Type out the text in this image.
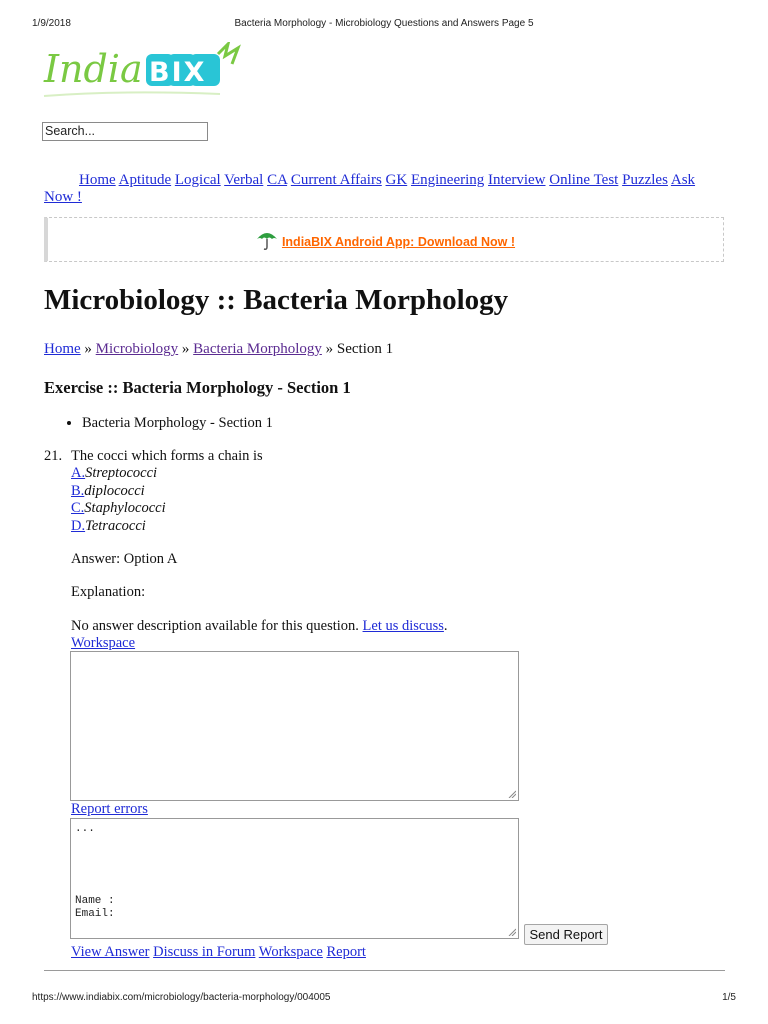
1/9/2018	Bacteria Morphology - Microbiology Questions and Answers Page 5
India BIX
Search...
Home Aptitude Logical Verbal CA Current Affairs GK Engineering Interview Online Test Puzzles Ask Now !
IndiaBIX Android App: Download Now !
Microbiology :: Bacteria Morphology
Home » Microbiology » Bacteria Morphology » Section 1
Exercise :: Bacteria Morphology - Section 1
• Bacteria Morphology - Section 1
21. The cocci which forms a chain is
A.Streptococci
B.diplococci
C.Staphylococci
D.Tetracocci
Answer: Option A
Explanation:
No answer description available for this question. Let us discuss.
Workspace
Report errors
...
Name :
Email:
Send Report
View Answer Discuss in Forum Workspace Report
https://www.indiabix.com/microbiology/bacteria-morphology/004005	1/5
